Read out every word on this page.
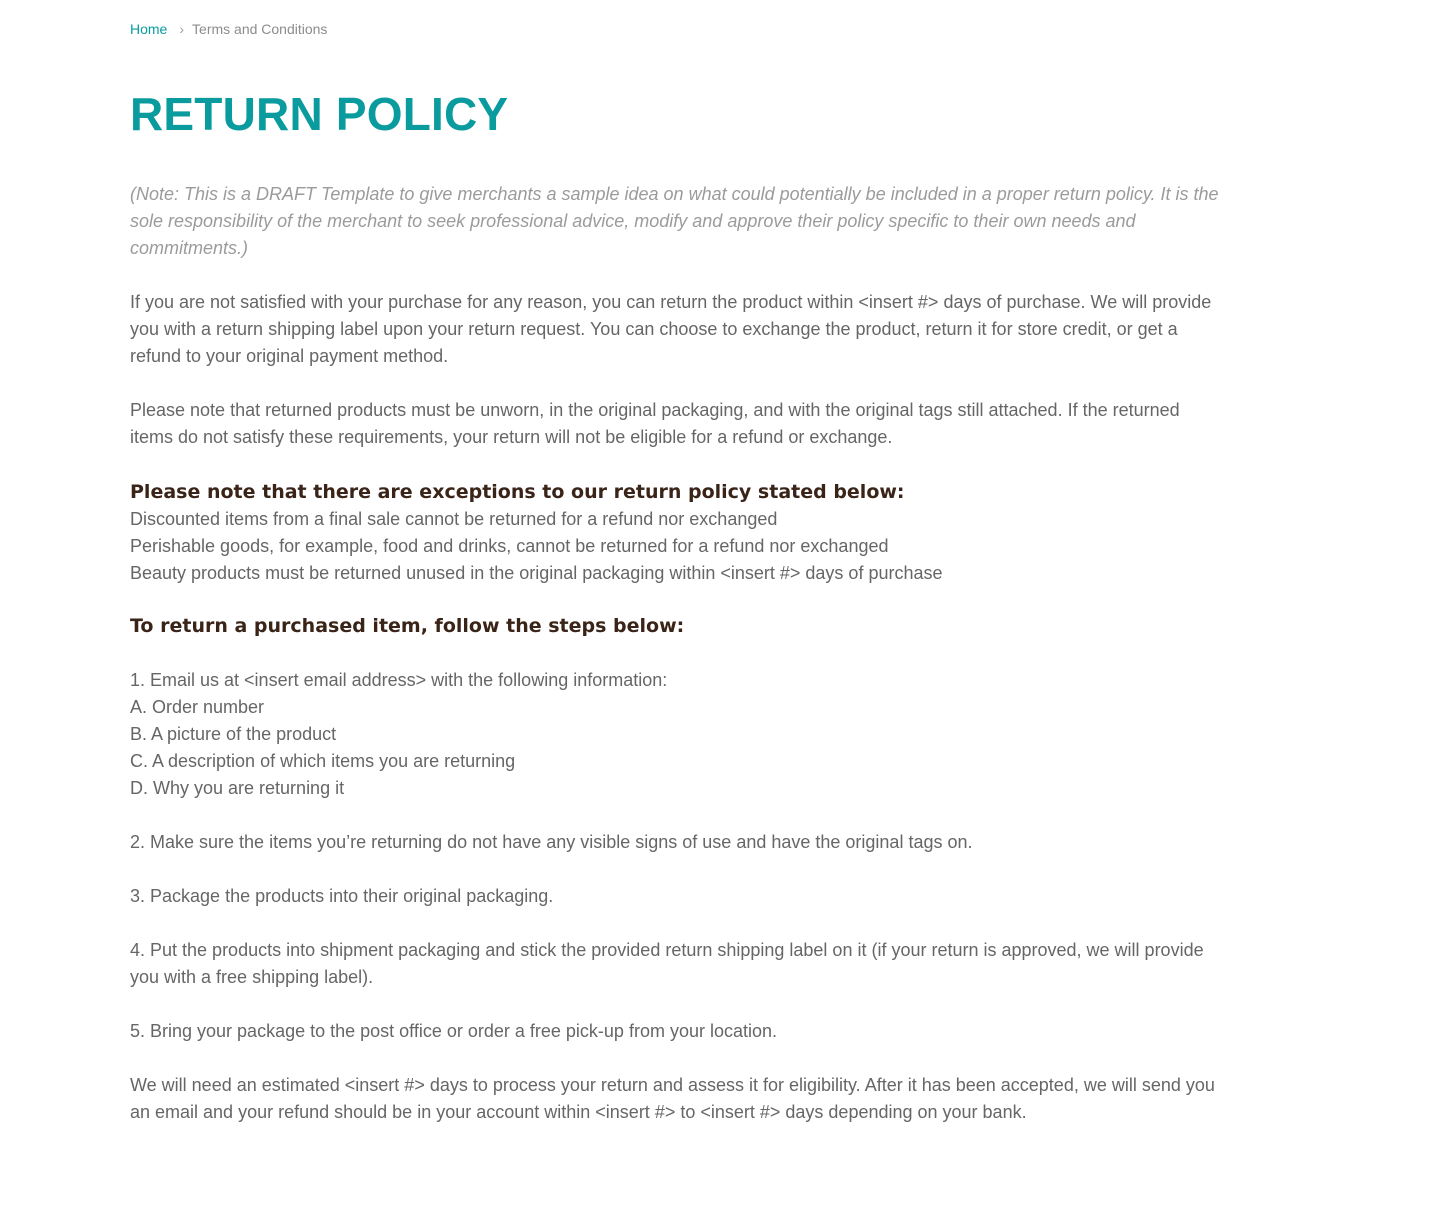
Home › Terms and Conditions
RETURN POLICY

(Note: This is a DRAFT Template to give merchants a sample idea on what could potentially be included in a proper return policy. It is the sole responsibility of the merchant to seek professional advice, modify and approve their policy specific to their own needs and commitments.)

If you are not satisfied with your purchase for any reason, you can return the product within <insert #> days of purchase. We will provide you with a return shipping label upon your return request. You can choose to exchange the product, return it for store credit, or get a refund to your original payment method.

Please note that returned products must be unworn, in the original packaging, and with the original tags still attached. If the returned items do not satisfy these requirements, your return will not be eligible for a refund or exchange.

Please note that there are exceptions to our return policy stated below:

Discounted items from a final sale cannot be returned for a refund nor exchanged

Perishable goods, for example, food and drinks, cannot be returned for a refund nor exchanged

Beauty products must be returned unused in the original packaging within <insert #> days of purchase

To return a purchased item, follow the steps below:

1. Email us at <insert email address> with the following information:

A. Order number

B. A picture of the product

C. A description of which items you are returning

D. Why you are returning it

2. Make sure the items you’re returning do not have any visible signs of use and have the original tags on.

3. Package the products into their original packaging.

4. Put the products into shipment packaging and stick the provided return shipping label on it (if your return is approved, we will provide you with a free shipping label).

5. Bring your package to the post office or order a free pick-up from your location.

We will need an estimated <insert #> days to process your return and assess it for eligibility. After it has been accepted, we will send you an email and your refund should be in your account within <insert #> to <insert #> days depending on your bank.
